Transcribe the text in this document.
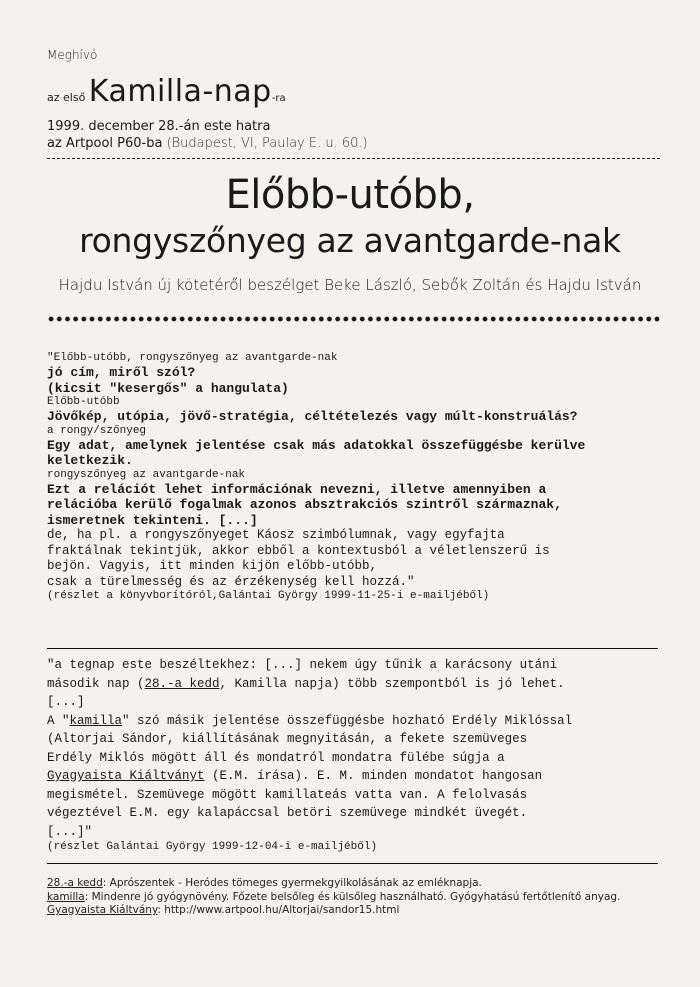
Meghívó

az első Kamilla-nap-ra

1999. december 28.-án este hatra

az Artpool P60-ba (Budapest, VI, Paulay E. u. 60.)

Előbb-utóbb,

rongyszőnyeg az avantgarde-nak

Hajdu István új kötetéről beszélget Beke László, Sebők Zoltán és Hajdu István

"Előbb-utóbb, rongyszőnyeg az avantgarde-nak

jó cím, miről szól?

(kicsit "kesergős" a hangulata)

Előbb-utóbb

Jövőkép, utópia, jövő-stratégia, céltételezés vagy múlt-konstruálás?

a rongy/szőnyeg

Egy adat, amelynek jelentése csak más adatokkal összefüggésbe kerülve

keletkezik.

rongyszőnyeg az avantgarde-nak

Ezt a relációt lehet információnak nevezni, illetve amennyiben a

relációba kerülő fogalmak azonos absztrakciós szintről származnak,

ismeretnek tekinteni. [...]

de, ha pl. a rongyszőnyeget Káosz szimbólumnak, vagy egyfajta

fraktálnak tekintjük, akkor ebből a kontextusból a véletlenszerű is

bejön. Vagyis, itt minden kijön előbb-utóbb,

csak a türelmesség és az érzékenység kell hozzá."

(részlet a könyvborítóról,Galántai György 1999-11-25-i e-mailjéből)

"a tegnap este beszéltekhez: [...] nekem úgy tűnik a karácsony utáni

második nap (28.-a kedd, Kamilla napja) több szempontból is jó lehet.

[...]

A "kamilla" szó másik jelentése összefüggésbe hozható Erdély Miklóssal

(Altorjai Sándor, kiállításának megnyitásán, a fekete szemüveges

Erdély Miklós mögött áll és mondatról mondatra fülébe súgja a

Gyagyaista Kiáltványt (E.M. írása). E. M. minden mondatot hangosan

megismétel. Szemüvege mögött kamillateás vatta van. A felolvasás

végeztével E.M. egy kalapáccsal betöri szemüvege mindkét üvegét.

[...]"

(részlet Galántai György 1999-12-04-i e-mailjéből)

28.-a kedd: Aprószentek - Heródes tömeges gyermekgyilkolásának az emléknapja.

kamilla: Mindenre jó gyógynövény. Főzete belsőleg és külsőleg használható. Gyógyhatású fertőtlenítő anyag.

Gyagyaista Kiáltvány: http://www.artpool.hu/Altorjai/sandor15.html
